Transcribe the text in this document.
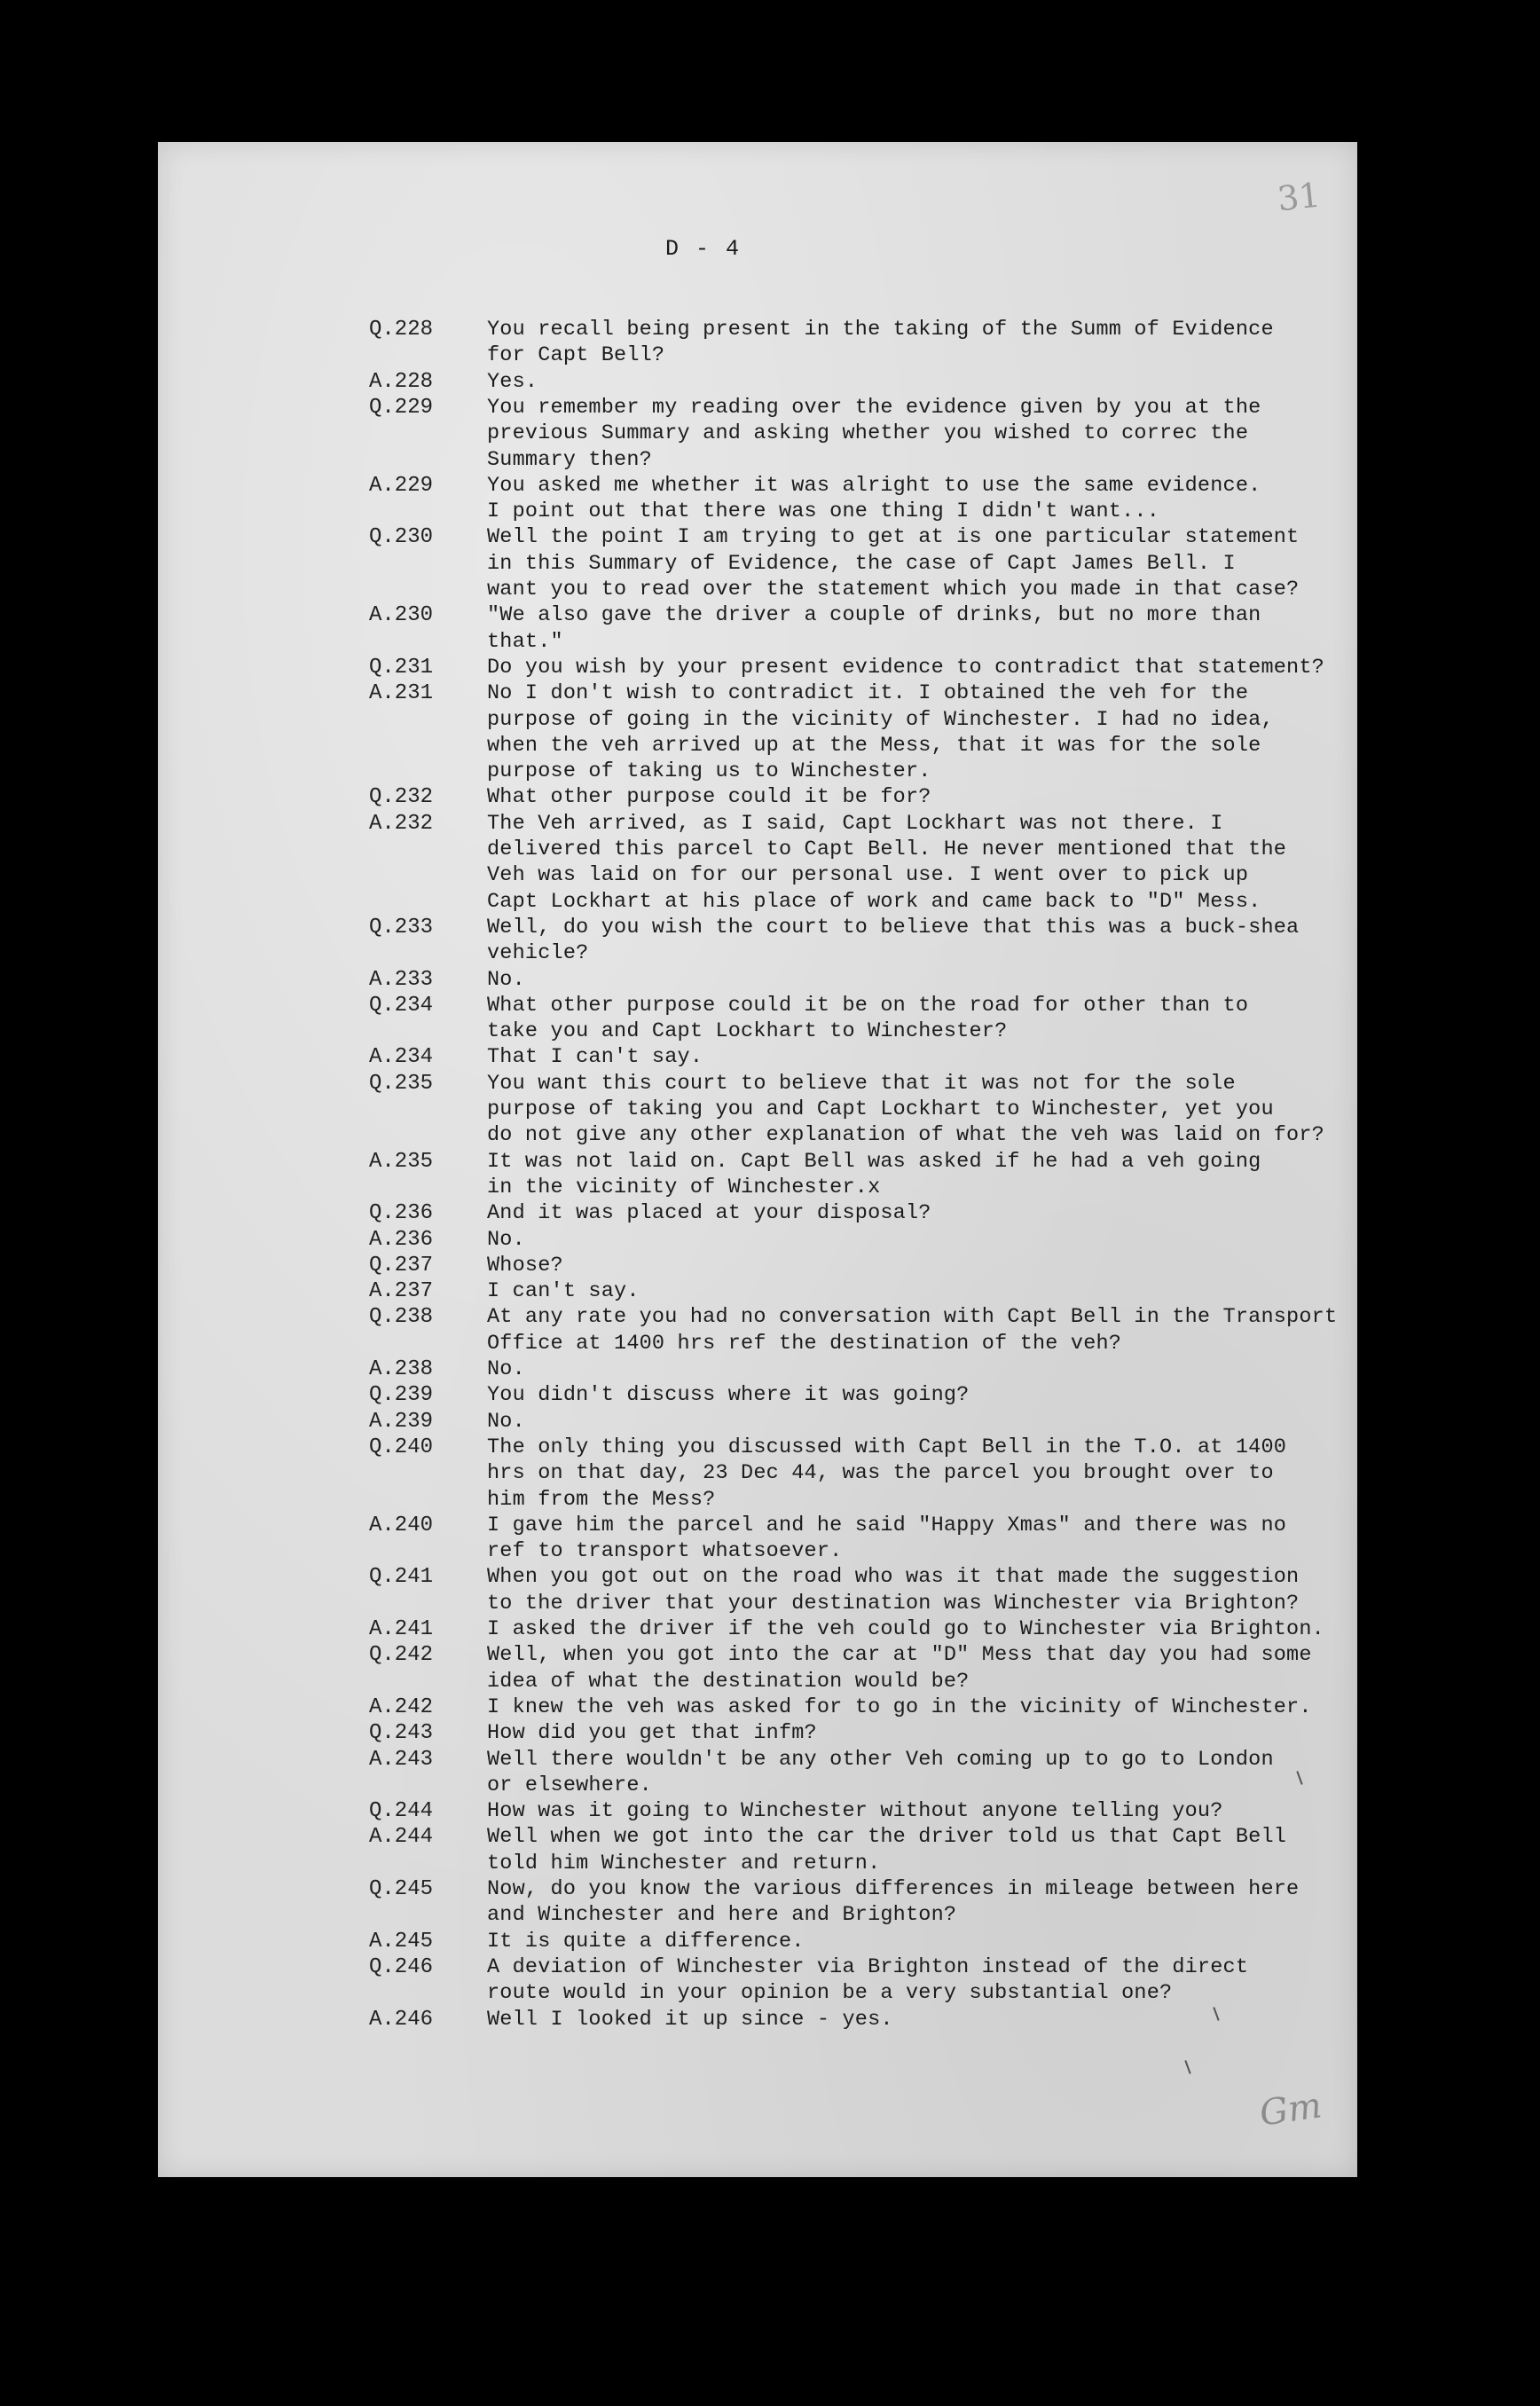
31
D - 4
Q.228	You recall being present in the taking of the Summ of Evidence
for Capt Bell?
A.228	Yes.
Q.229	You remember my reading over the evidence given by you at the
previous Summary and asking whether you wished to correc the
Summary then?
A.229	You asked me whether it was alright to use the same evidence.
I point out that there was one thing I didn't want...
Q.230	Well the point I am trying to get at is one particular statement
in this Summary of Evidence, the case of Capt James Bell. I
want you to read over the statement which you made in that case?
A.230	"We also gave the driver a couple of drinks, but no more than
that."
Q.231	Do you wish by your present evidence to contradict that statement?
A.231	No I don't wish to contradict it. I obtained the veh for the
purpose of going in the vicinity of Winchester. I had no idea,
when the veh arrived up at the Mess, that it was for the sole
purpose of taking us to Winchester.
Q.232	What other purpose could it be for?
A.232	The Veh arrived, as I said, Capt Lockhart was not there. I
delivered this parcel to Capt Bell. He never mentioned that the
Veh was laid on for our personal use. I went over to pick up
Capt Lockhart at his place of work and came back to "D" Mess.
Q.233	Well, do you wish the court to believe that this was a buck-shea
vehicle?
A.233	No.
Q.234	What other purpose could it be on the road for other than to
take you and Capt Lockhart to Winchester?
A.234	That I can't say.
Q.235	You want this court to believe that it was not for the sole
purpose of taking you and Capt Lockhart to Winchester, yet you
do not give any other explanation of what the veh was laid on for?
A.235	It was not laid on. Capt Bell was asked if he had a veh going
in the vicinity of Winchester.x
Q.236	And it was placed at your disposal?
A.236	No.
Q.237	Whose?
A.237	I can't say.
Q.238	At any rate you had no conversation with Capt Bell in the Transport
Office at 1400 hrs ref the destination of the veh?
A.238	No.
Q.239	You didn't discuss where it was going?
A.239	No.
Q.240	The only thing you discussed with Capt Bell in the T.O. at 1400
hrs on that day, 23 Dec 44, was the parcel you brought over to
him from the Mess?
A.240	I gave him the parcel and he said "Happy Xmas" and there was no
ref to transport whatsoever.
Q.241	When you got out on the road who was it that made the suggestion
to the driver that your destination was Winchester via Brighton?
A.241	I asked the driver if the veh could go to Winchester via Brighton.
Q.242	Well, when you got into the car at "D" Mess that day you had some
idea of what the destination would be?
A.242	I knew the veh was asked for to go in the vicinity of Winchester.
Q.243	How did you get that infm?
A.243	Well there wouldn't be any other Veh coming up to go to London
or elsewhere.
Q.244	How was it going to Winchester without anyone telling you?
A.244	Well when we got into the car the driver told us that Capt Bell
told him Winchester and return.
Q.245	Now, do you know the various differences in mileage between here
and Winchester and here and Brighton?
A.245	It is quite a difference.
Q.246	A deviation of Winchester via Brighton instead of the direct
route would in your opinion be a very substantial one?
A.246	Well I looked it up since - yes.
Gm
